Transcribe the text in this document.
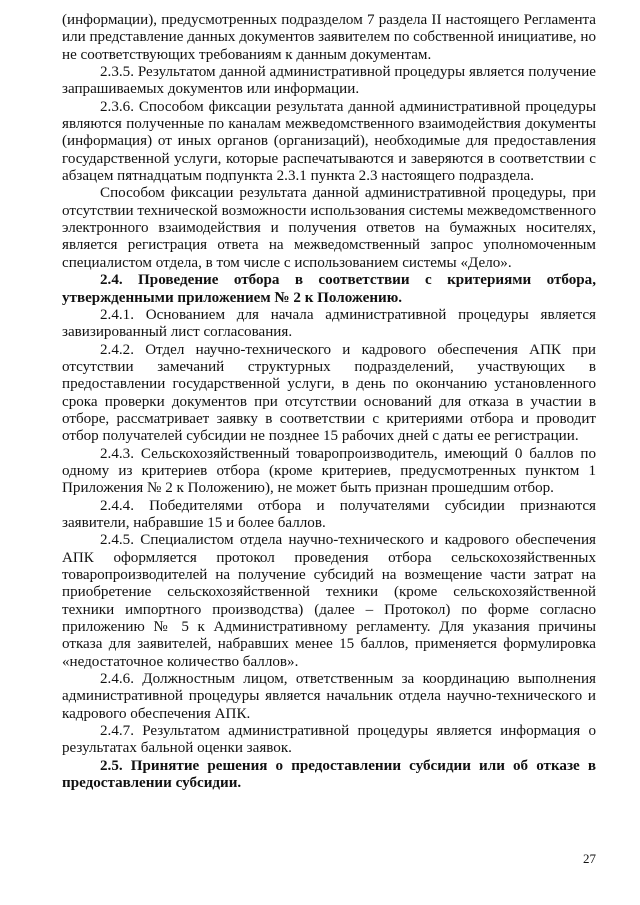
(информации), предусмотренных подразделом 7 раздела II настоящего Регламента или представление данных документов заявителем по собственной инициативе, но не соответствующих требованиям к данным документам.

2.3.5. Результатом данной административной процедуры является получение запрашиваемых документов или информации.

2.3.6. Способом фиксации результата данной административной процедуры являются полученные по каналам межведомственного взаимодействия документы (информация) от иных органов (организаций), необходимые для предоставления государственной услуги, которые распечатываются и заверяются в соответствии с абзацем пятнадцатым подпункта 2.3.1 пункта 2.3 настоящего подраздела.

Способом фиксации результата данной административной процедуры, при отсутствии технической возможности использования системы межведомственного электронного взаимодействия и получения ответов на бумажных носителях, является регистрация ответа на межведомственный запрос уполномоченным специалистом отдела, в том числе с использованием системы «Дело».

2.4. Проведение отбора в соответствии с критериями отбора, утвержденными приложением № 2 к Положению.

2.4.1. Основанием для начала административной процедуры является завизированный лист согласования.

2.4.2. Отдел научно-технического и кадрового обеспечения АПК при отсутствии замечаний структурных подразделений, участвующих в предоставлении государственной услуги, в день по окончанию установленного срока проверки документов при отсутствии оснований для отказа в участии в отборе, рассматривает заявку в соответствии с критериями отбора и проводит отбор получателей субсидии не позднее 15 рабочих дней с даты ее регистрации.

2.4.3. Сельскохозяйственный товаропроизводитель, имеющий 0 баллов по одному из критериев отбора (кроме критериев, предусмотренных пунктом 1 Приложения № 2 к Положению), не может быть признан прошедшим отбор.

2.4.4. Победителями отбора и получателями субсидии признаются заявители, набравшие 15 и более баллов.

2.4.5. Специалистом отдела научно-технического и кадрового обеспечения АПК оформляется протокол проведения отбора сельскохозяйственных товаропроизводителей на получение субсидий на возмещение части затрат на приобретение сельскохозяйственной техники (кроме сельскохозяйственной техники импортного производства) (далее – Протокол) по форме согласно приложению № 5 к Административному регламенту. Для указания причины отказа для заявителей, набравших менее 15 баллов, применяется формулировка «недостаточное количество баллов».

2.4.6. Должностным лицом, ответственным за координацию выполнения административной процедуры является начальник отдела научно-технического и кадрового обеспечения АПК.

2.4.7. Результатом административной процедуры является информация о результатах бальной оценки заявок.

2.5. Принятие решения о предоставлении субсидии или об отказе в предоставлении субсидии.

27
